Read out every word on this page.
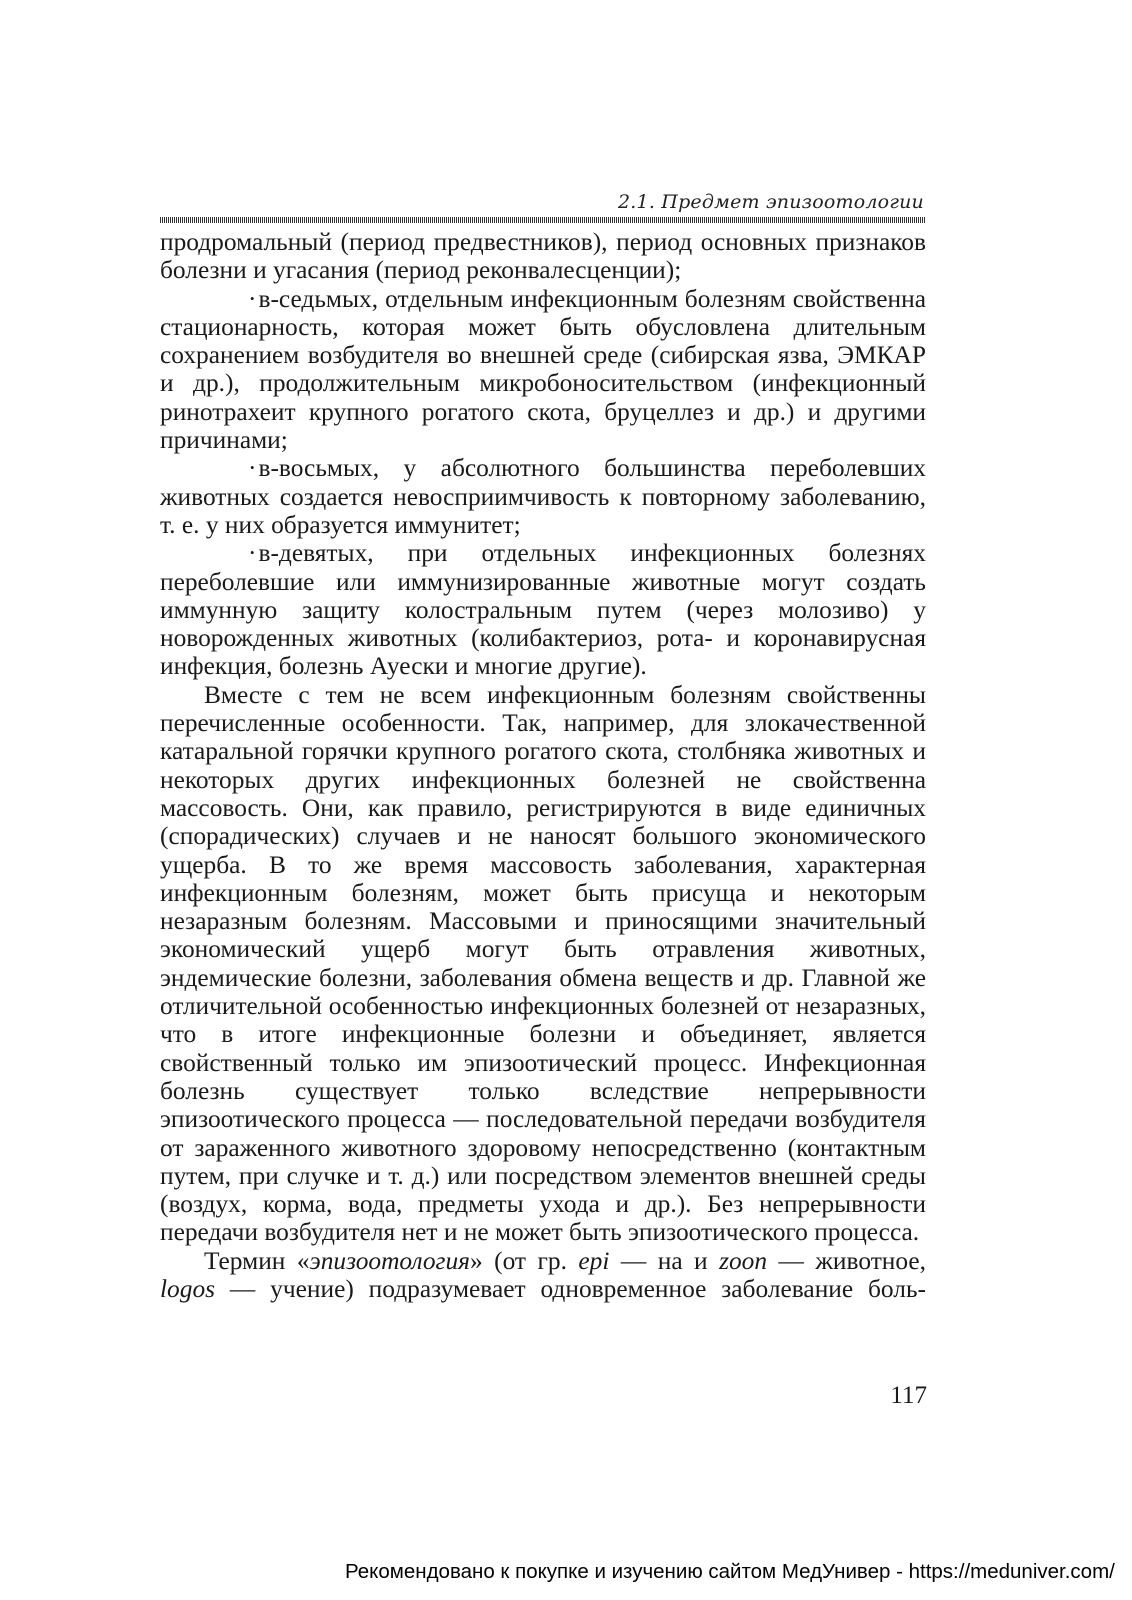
2.1. Предмет эпизоотологии

продромальный (период предвестников), период основных признаков болезни и угасания (период реконвалесценции);

·в-седьмых, отдельным инфекционным болезням свойственна стационарность, которая может быть обусловлена длительным сохранением возбудителя во внешней среде (сибирская язва, ЭМКАР и др.), продолжительным микробоносительством (инфекционный ринотрахеит крупного рогатого скота, бруцеллез и др.) и другими причинами;

·в-восьмых, у абсолютного большинства переболевших животных создается невосприимчивость к повторному заболеванию, т. е. у них образуется иммунитет;

·в-девятых, при отдельных инфекционных болезнях переболевшие или иммунизированные животные могут создать иммунную защиту колостральным путем (через молозиво) у новорожденных животных (колибактериоз, рота- и коронавирусная инфекция, болезнь Ауески и многие другие).

Вместе с тем не всем инфекционным болезням свойственны перечисленные особенности. Так, например, для злокачественной катаральной горячки крупного рогатого скота, столбняка животных и некоторых других инфекционных болезней не свойственна массовость. Они, как правило, регистрируются в виде единичных (спорадических) случаев и не наносят большого экономического ущерба. В то же время массовость заболевания, характерная инфекционным болезням, может быть присуща и некоторым незаразным болезням. Массовыми и приносящими значительный экономический ущерб могут быть отравления животных, эндемические болезни, заболевания обмена веществ и др. Главной же отличительной особенностью инфекционных болезней от незаразных, что в итоге инфекционные болезни и объединяет, является свойственный только им эпизоотический процесс. Инфекционная болезнь существует только вследствие непрерывности эпизоотического процесса — последовательной передачи возбудителя от зараженного животного здоровому непосредственно (контактным путем, при случке и т. д.) или посредством элементов внешней среды (воздух, корма, вода, предметы ухода и др.). Без непрерывности передачи возбудителя нет и не может быть эпизоотического процесса.

Термин «эпизоотология» (от гр. epi — на и zoon — животное, logos — учение) подразумевает одновременное заболевание боль-

117
Рекомендовано к покупке и изучению сайтом МедУнивер - https://meduniver.com/
